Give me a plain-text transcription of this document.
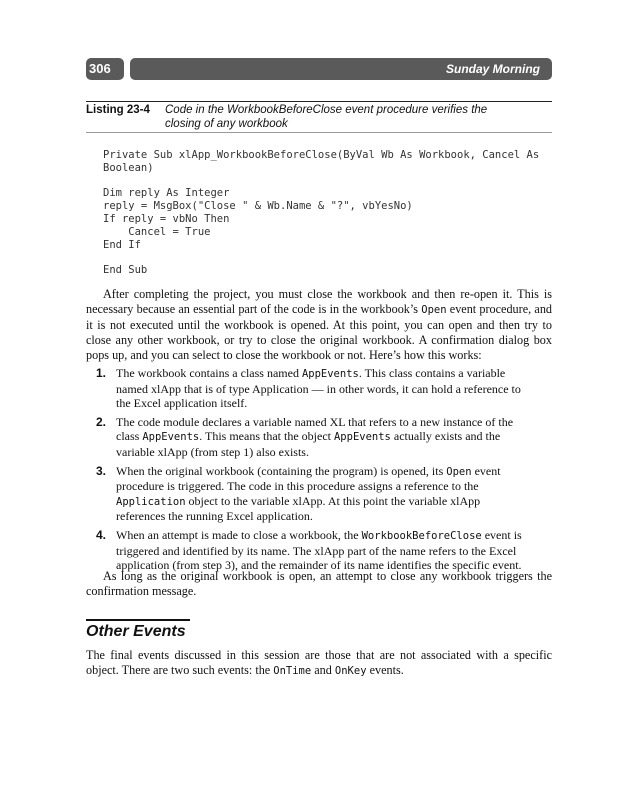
306	Sunday Morning
Listing 23-4 Code in the WorkbookBeforeClose event procedure verifies the
closing of any workbook
Private Sub xlApp_WorkbookBeforeClose(ByVal Wb As Workbook, Cancel As
Boolean)

Dim reply As Integer
reply = MsgBox("Close " & Wb.Name & "?", vbYesNo)
If reply = vbNo Then
Cancel = True
End If

End Sub

After completing the project, you must close the workbook and then re-open it. This is necessary because an essential part of the code is in the workbook’s Open event procedure, and it is not executed until the workbook is opened. At this point, you can open and then try to close any other workbook, or try to close the original workbook. A confirmation dialog box pops up, and you can select to close the workbook or not. Here’s how this works:

1. The workbook contains a class named AppEvents. This class contains a variable named xlApp that is of type Application — in other words, it can hold a reference to the Excel application itself.
2. The code module declares a variable named XL that refers to a new instance of the class AppEvents. This means that the object AppEvents actually exists and the variable xlApp (from step 1) also exists.
3. When the original workbook (containing the program) is opened, its Open event procedure is triggered. The code in this procedure assigns a reference to the Application object to the variable xlApp. At this point the variable xlApp references the running Excel application.
4. When an attempt is made to close a workbook, the WorkbookBeforeClose event is triggered and identified by its name. The xlApp part of the name refers to the Excel application (from step 3), and the remainder of its name identifies the specific event.

As long as the original workbook is open, an attempt to close any workbook triggers the confirmation message.

Other Events

The final events discussed in this session are those that are not associated with a specific object. There are two such events: the OnTime and OnKey events.
